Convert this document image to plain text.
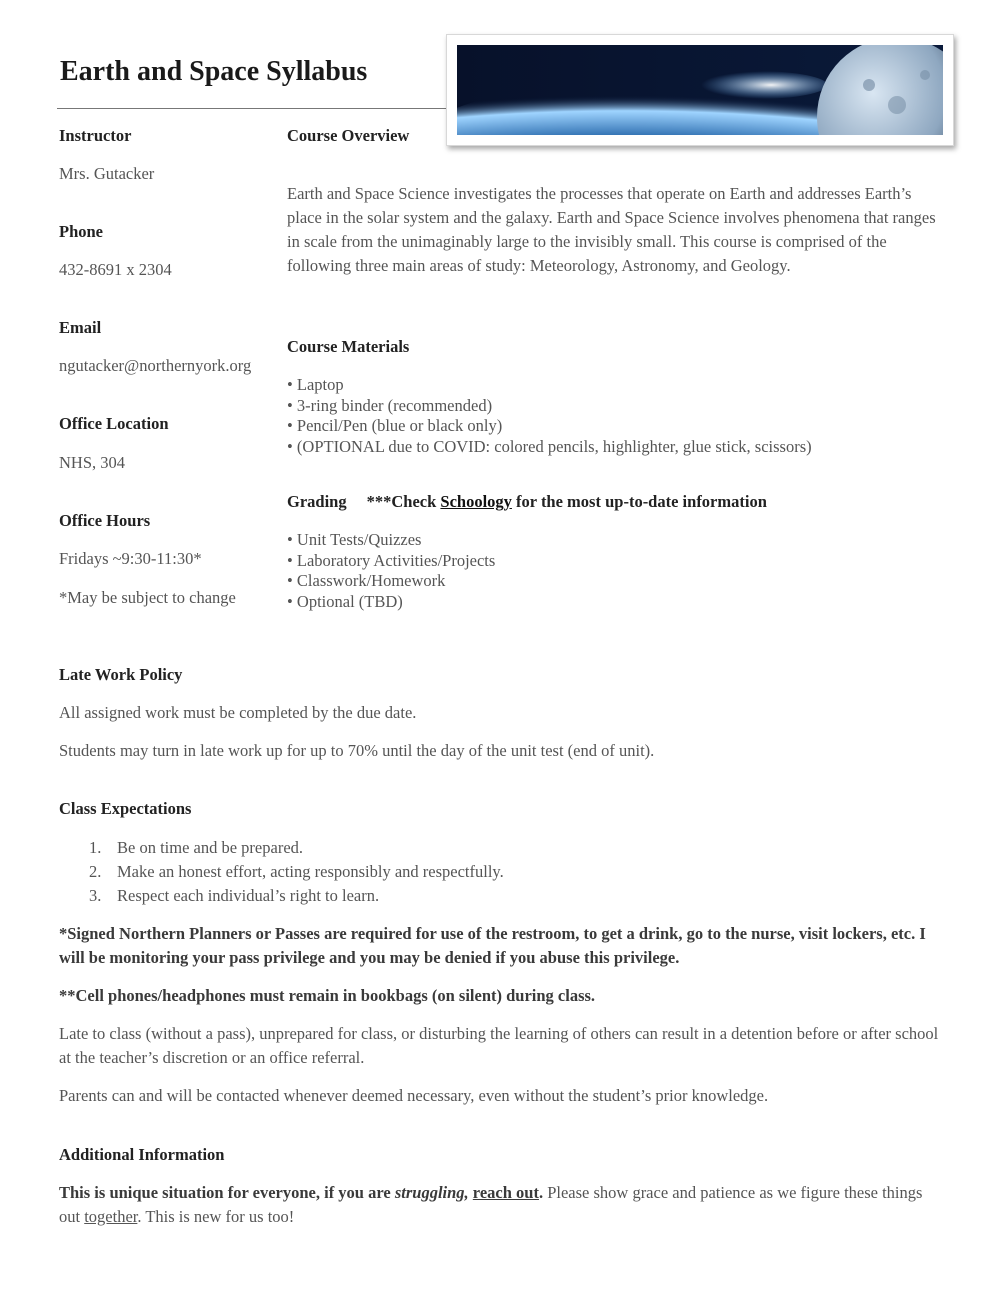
Earth and Space Syllabus
Instructor
Mrs. Gutacker
Phone
432-8691 x 2304
Email
ngutacker@northernyork.org
Office Location
NHS, 304
Office Hours
Fridays ~9:30-11:30*
*May be subject to change
Course Overview
Earth and Space Science investigates the processes that operate on Earth and addresses Earth’s place in the solar system and the galaxy. Earth and Space Science involves phenomena that ranges in scale from the unimaginably large to the invisibly small. This course is comprised of the following three main areas of study: Meteorology, Astronomy, and Geology.
Course Materials
• Laptop
• 3-ring binder (recommended)
• Pencil/Pen (blue or black only)
• (OPTIONAL due to COVID: colored pencils, highlighter, glue stick, scissors)
Grading ***Check Schoology for the most up-to-date information
• Unit Tests/Quizzes
• Laboratory Activities/Projects
• Classwork/Homework
• Optional (TBD)
Late Work Policy
All assigned work must be completed by the due date.
Students may turn in late work up for up to 70% until the day of the unit test (end of unit).
Class Expectations
1. Be on time and be prepared.
2. Make an honest effort, acting responsibly and respectfully.
3. Respect each individual’s right to learn.
*Signed Northern Planners or Passes are required for use of the restroom, to get a drink, go to the nurse, visit lockers, etc. I will be monitoring your pass privilege and you may be denied if you abuse this privilege.
**Cell phones/headphones must remain in bookbags (on silent) during class.
Late to class (without a pass), unprepared for class, or disturbing the learning of others can result in a detention before or after school at the teacher’s discretion or an office referral.
Parents can and will be contacted whenever deemed necessary, even without the student’s prior knowledge.
Additional Information
This is unique situation for everyone, if you are struggling, reach out. Please show grace and patience as we figure these things out together. This is new for us too!
